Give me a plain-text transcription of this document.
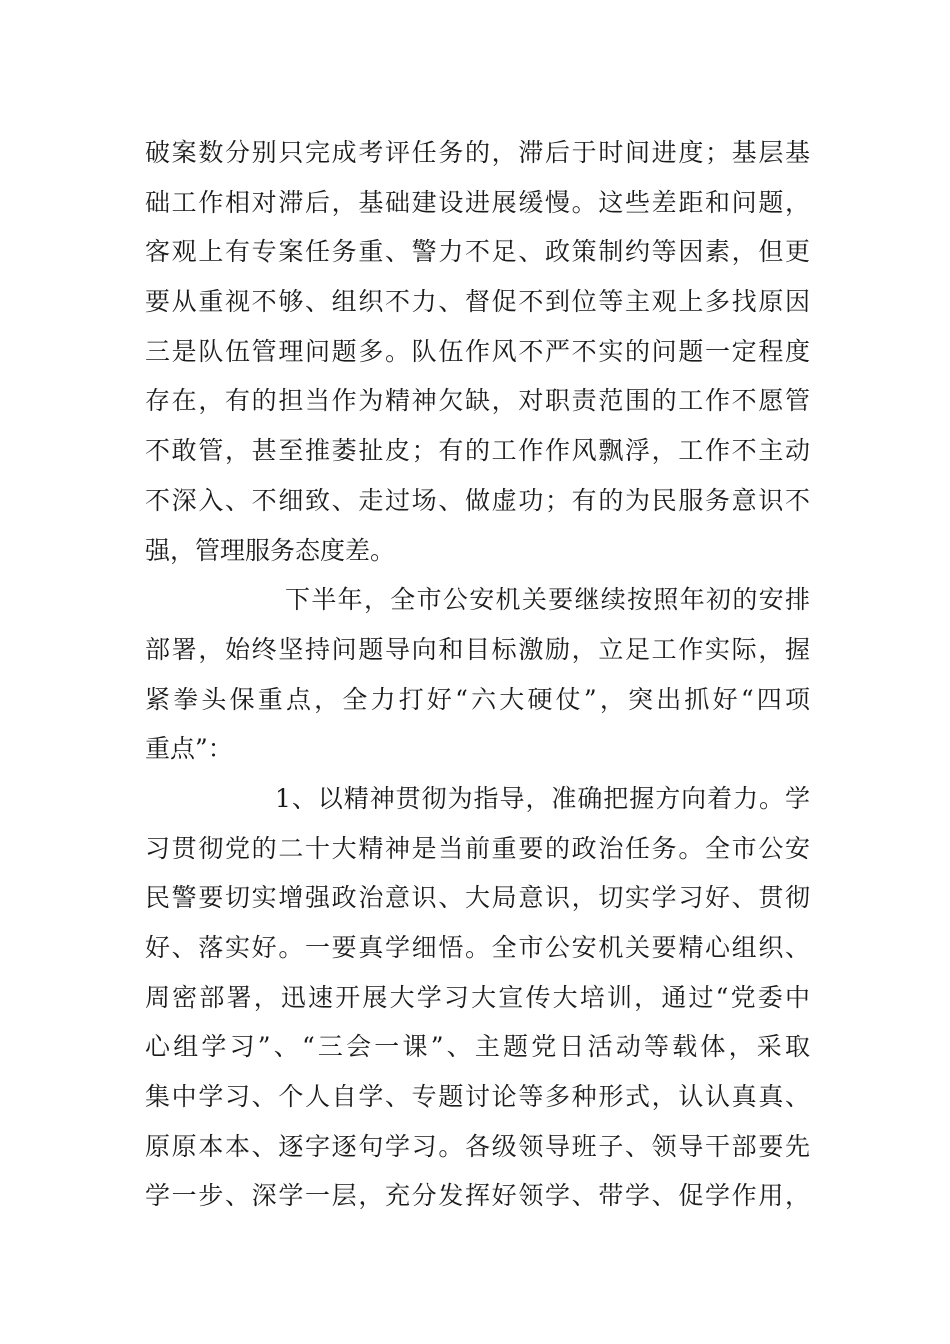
破案数分别只完成考评任务的，滞后于时间进度；基层基
础工作相对滞后，基础建设进展缓慢。这些差距和问题，
客观上有专案任务重、警力不足、政策制约等因素，但更
要从重视不够、组织不力、督促不到位等主观上多找原因
三是队伍管理问题多。队伍作风不严不实的问题一定程度
存在，有的担当作为精神欠缺，对职责范围的工作不愿管
不敢管，甚至推萎扯皮；有的工作作风飘浮，工作不主动
不深入、不细致、走过场、做虚功；有的为民服务意识不
强，管理服务态度差。
下半年，全市公安机关要继续按照年初的安排
部署，始终坚持问题导向和目标激励，立足工作实际，握
紧拳头保重点，全力打好“六大硬仗”，突出抓好“四项
重点”：
1、以精神贯彻为指导，准确把握方向着力。学
习贯彻党的二十大精神是当前重要的政治任务。全市公安
民警要切实增强政治意识、大局意识，切实学习好、贯彻
好、落实好。一要真学细悟。全市公安机关要精心组织、
周密部署，迅速开展大学习大宣传大培训，通过“党委中
心组学习”、“三会一课”、主题党日活动等载体，采取
集中学习、个人自学、专题讨论等多种形式，认认真真、
原原本本、逐字逐句学习。各级领导班子、领导干部要先
学一步、深学一层，充分发挥好领学、带学、促学作用，
